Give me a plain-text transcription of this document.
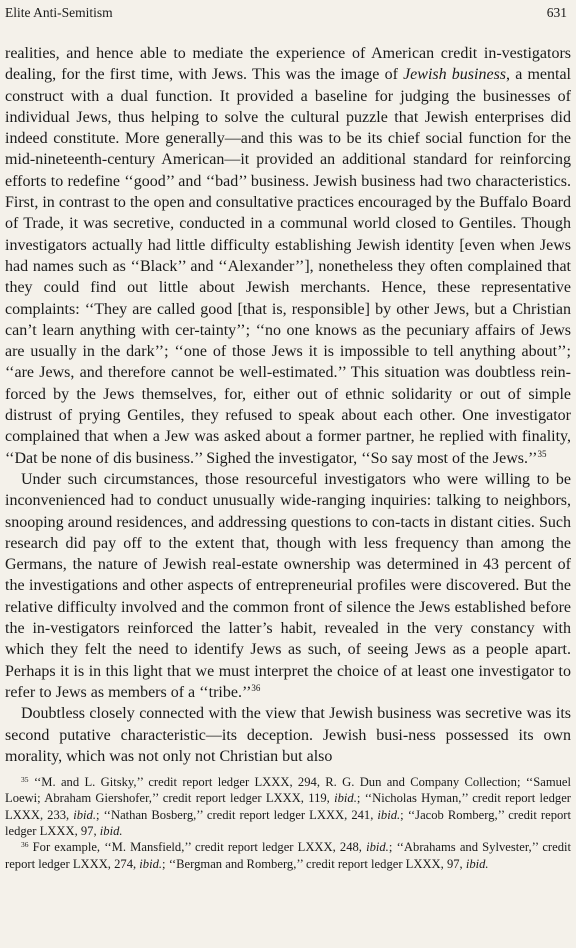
Elite Anti-Semitism	631

realities, and hence able to mediate the experience of American credit in-vestigators dealing, for the first time, with Jews. This was the image of Jewish business, a mental construct with a dual function. It provided a baseline for judging the businesses of individual Jews, thus helping to solve the cultural puzzle that Jewish enterprises did indeed constitute. More generally—and this was to be its chief social function for the mid-nineteenth-century American—it provided an additional standard for reinforcing efforts to redefine ‘‘good’’ and ‘‘bad’’ business. Jewish business had two characteristics. First, in contrast to the open and consultative practices encouraged by the Buffalo Board of Trade, it was secretive, conducted in a communal world closed to Gentiles. Though investigators actually had little difficulty establishing Jewish identity [even when Jews had names such as ‘‘Black’’ and ‘‘Alexander’’], nonetheless they often complained that they could find out little about Jewish merchants. Hence, these representative complaints: ‘‘They are called good [that is, responsible] by other Jews, but a Christian can’t learn anything with cer-tainty’’; ‘‘no one knows as the pecuniary affairs of Jews are usually in the dark’’; ‘‘one of those Jews it is impossible to tell anything about’’; ‘‘are Jews, and therefore cannot be well-estimated.’’ This situation was doubtless rein-forced by the Jews themselves, for, either out of ethnic solidarity or out of simple distrust of prying Gentiles, they refused to speak about each other. One investigator complained that when a Jew was asked about a former partner, he replied with finality, ‘‘Dat be none of dis business.’’ Sighed the investigator, ‘‘So say most of the Jews.’’$^{35}$

Under such circumstances, those resourceful investigators who were willing to be inconvenienced had to conduct unusually wide-ranging inquiries: talking to neighbors, snooping around residences, and addressing questions to con-tacts in distant cities. Such research did pay off to the extent that, though with less frequency than among the Germans, the nature of Jewish real-estate ownership was determined in 43 percent of the investigations and other aspects of entrepreneurial profiles were discovered. But the relative difficulty involved and the common front of silence the Jews established before the in-vestigators reinforced the latter’s habit, revealed in the very constancy with which they felt the need to identify Jews as such, of seeing Jews as a people apart. Perhaps it is in this light that we must interpret the choice of at least one investigator to refer to Jews as members of a ‘‘tribe.’’$^{36}$

Doubtless closely connected with the view that Jewish business was secretive was its second putative characteristic—its deception. Jewish busi-ness possessed its own morality, which was not only not Christian but also

$^{35}$ ‘‘M. and L. Gitsky,’’ credit report ledger LXXX, 294, R. G. Dun and Company Collection; ‘‘Samuel Loewi; Abraham Giershofer,’’ credit report ledger LXXX, 119, ibid.; ‘‘Nicholas Hyman,’’ credit report ledger LXXX, 233, ibid.; ‘‘Nathan Bosberg,’’ credit report ledger LXXX, 241, ibid.; ‘‘Jacob Romberg,’’ credit report ledger LXXX, 97, ibid.

$^{36}$ For example, ‘‘M. Mansfield,’’ credit report ledger LXXX, 248, ibid.; ‘‘Abrahams and Sylvester,’’ credit report ledger LXXX, 274, ibid.; ‘‘Bergman and Romberg,’’ credit report ledger LXXX, 97, ibid.
